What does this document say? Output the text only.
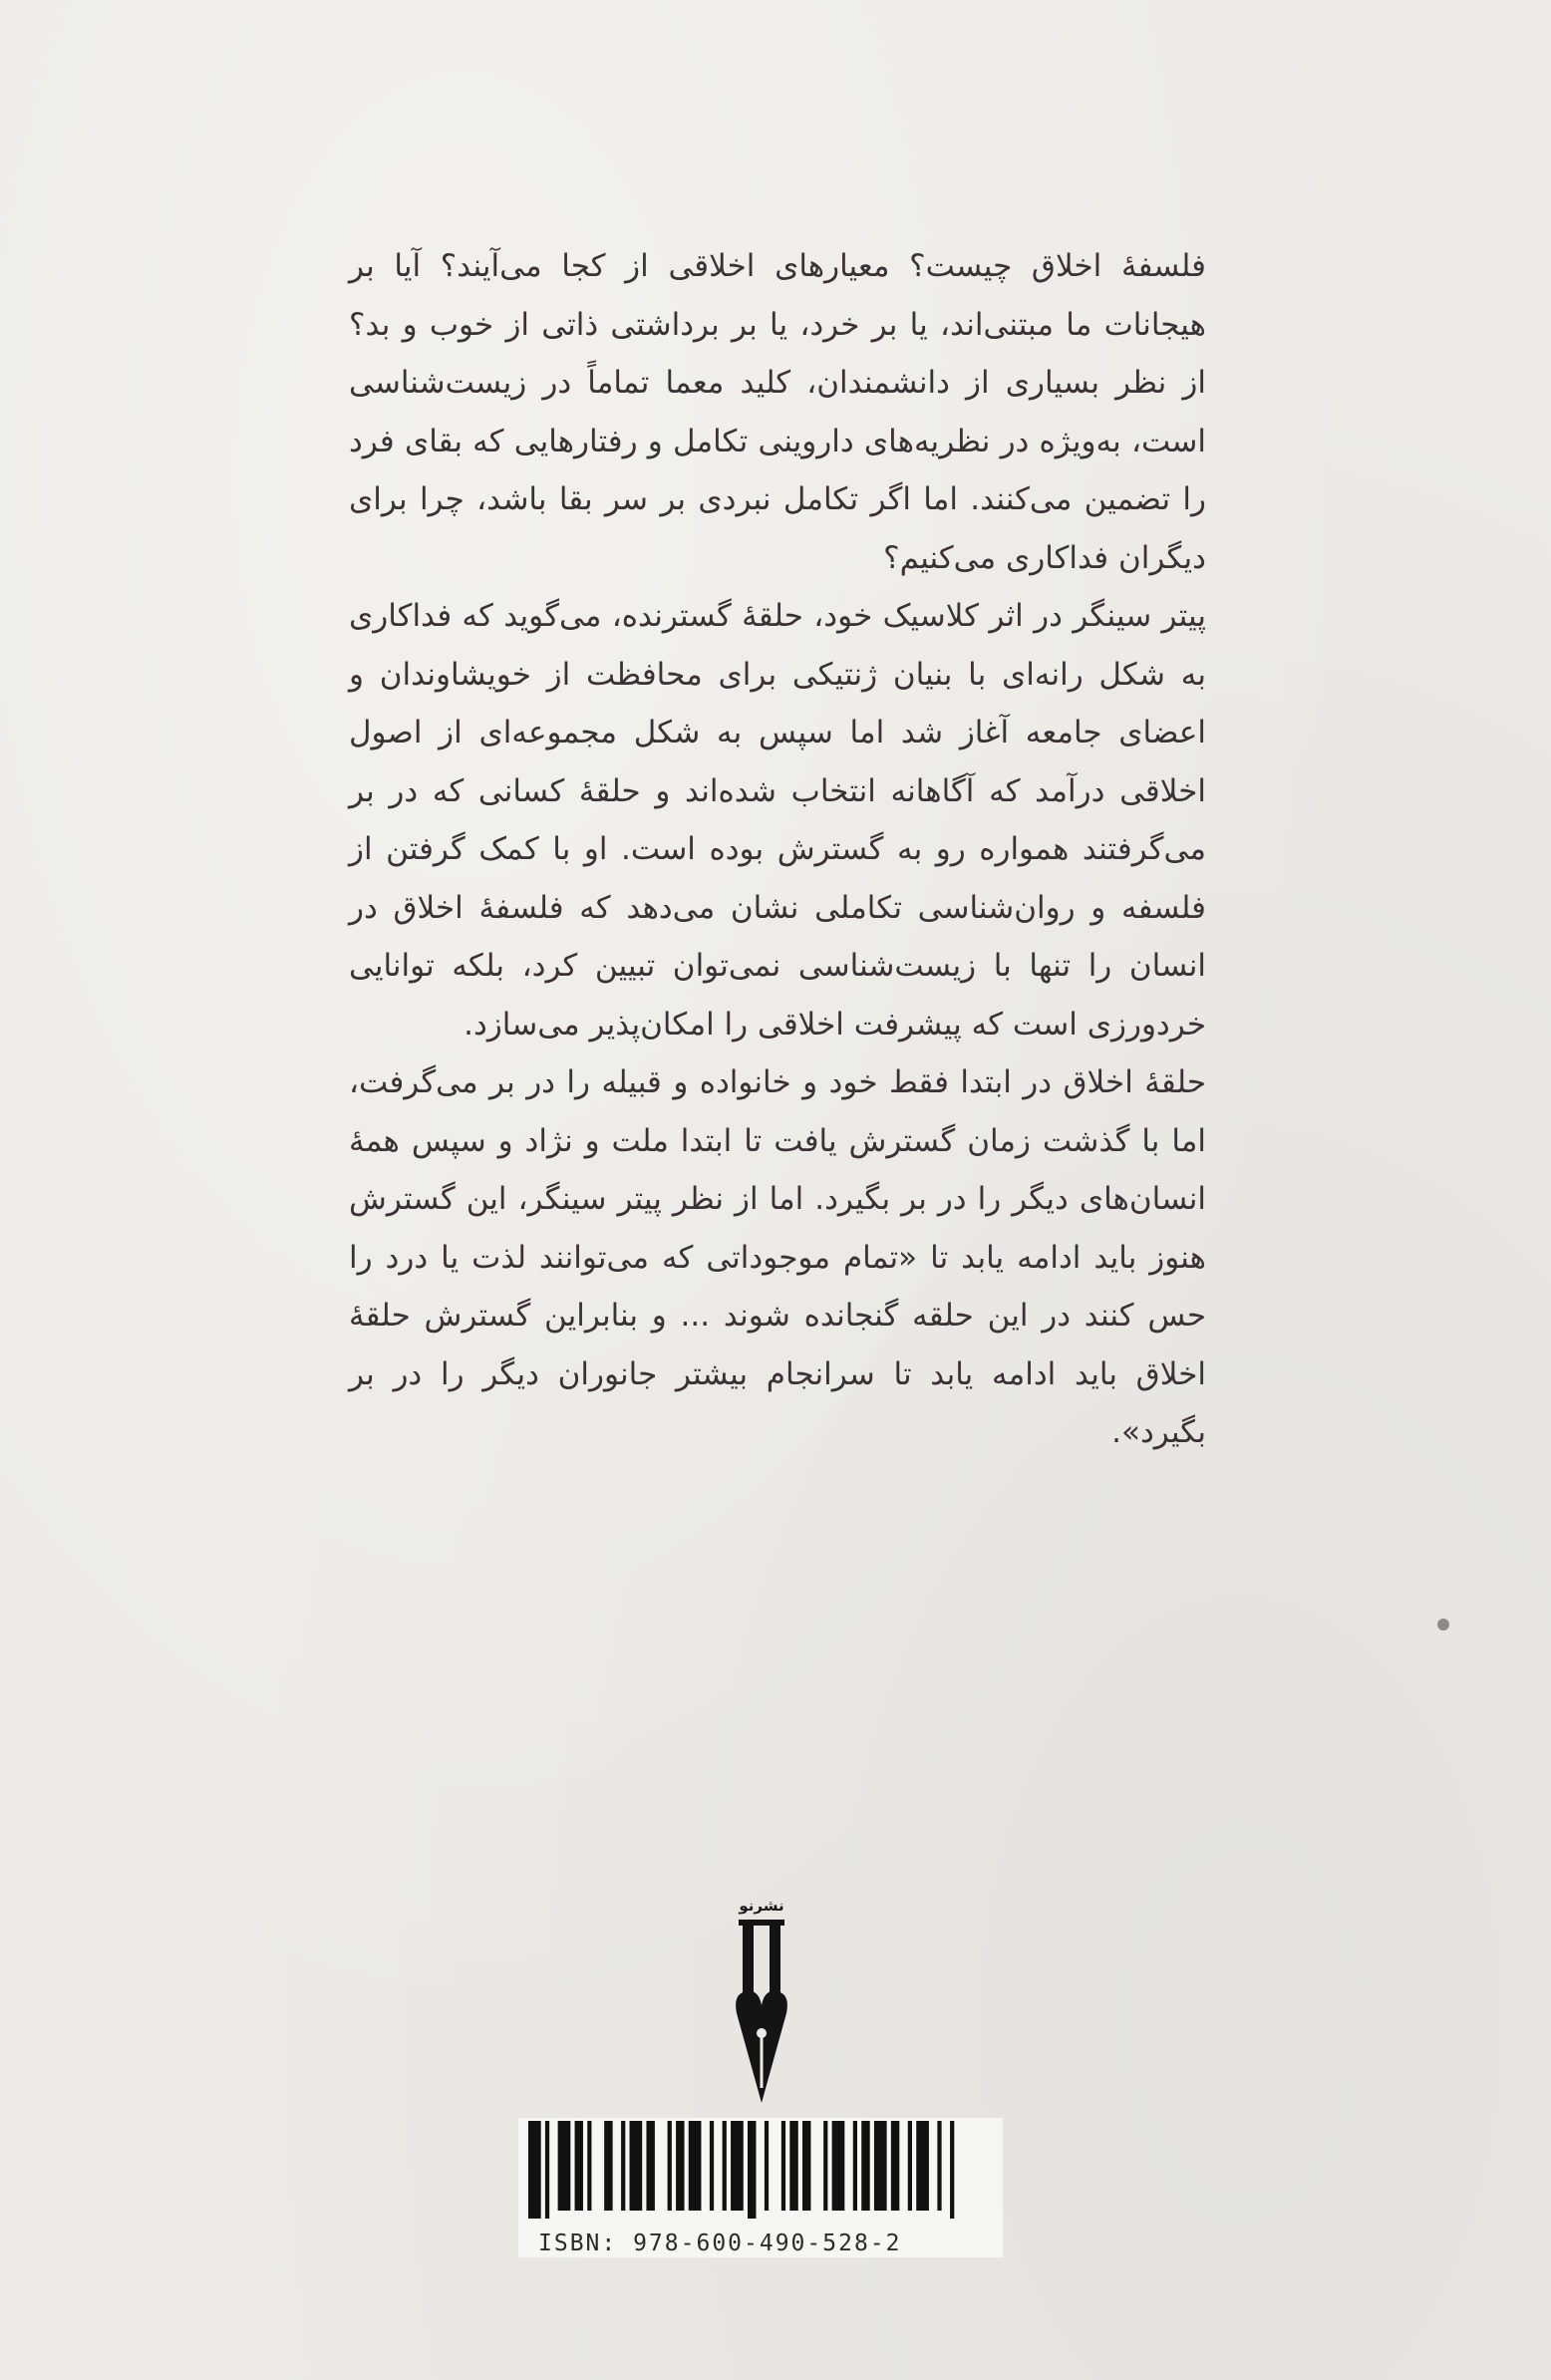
فلسفهٔ اخلاق چیست؟ معیارهای اخلاقی از کجا می‌آیند؟ آیا بر هیجانات ما مبتنی‌اند، یا بر خرد، یا بر برداشتی ذاتی از خوب و بد؟ از نظر بسیاری از دانشمندان، کلید معما تماماً در زیست‌شناسی است، به‌ویژه در نظریه‌های داروینی تکامل و رفتارهایی که بقای فرد را تضمین می‌کنند. اما اگر تکامل نبردی بر سر بقا باشد، چرا برای دیگران فداکاری می‌کنیم؟

پیتر سینگر در اثر کلاسیک خود، حلقهٔ گسترنده، می‌گوید که فداکاری به شکل رانه‌ای با بنیان ژنتیکی برای محافظت از خویشاوندان و اعضای جامعه آغاز شد اما سپس به شکل مجموعه‌ای از اصول اخلاقی درآمد که آگاهانه انتخاب شده‌اند و حلقهٔ کسانی که در بر می‌گرفتند همواره رو به گسترش بوده است. او با کمک گرفتن از فلسفه و روان‌شناسی تکاملی نشان می‌دهد که فلسفهٔ اخلاق در انسان را تنها با زیست‌شناسی نمی‌توان تبیین کرد، بلکه توانایی خردورزی است که پیشرفت اخلاقی را امکان‌پذیر می‌سازد.

حلقهٔ اخلاق در ابتدا فقط خود و خانواده و قبیله را در بر می‌گرفت، اما با گذشت زمان گسترش یافت تا ابتدا ملت و نژاد و سپس همهٔ انسان‌های دیگر را در بر بگیرد. اما از نظر پیتر سینگر، این گسترش هنوز باید ادامه یابد تا «تمام موجوداتی که می‌توانند لذت یا درد را حس کنند در این حلقه گنجانده شوند ... و بنابراین گسترش حلقهٔ اخلاق باید ادامه یابد تا سرانجام بیشتر جانوران دیگر را در بر بگیرد».

نشرنو
ISBN: 978-600-490-528-2
